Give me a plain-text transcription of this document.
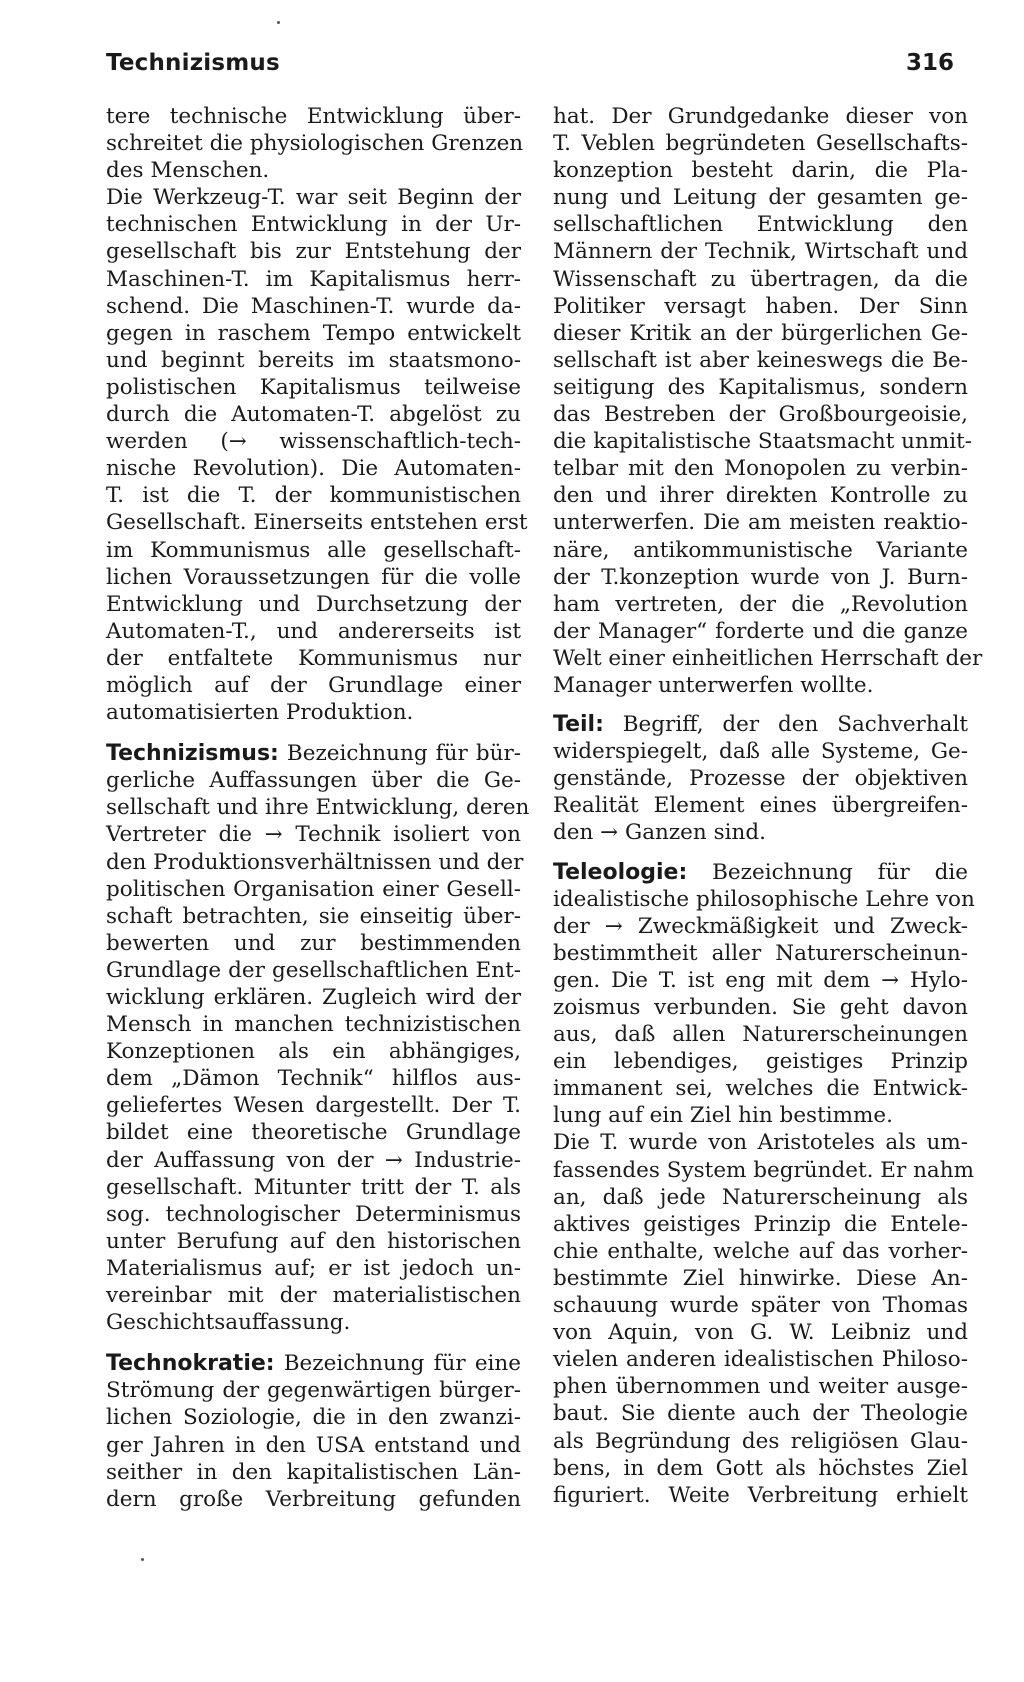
Technizismus	316
tere technische Entwicklung über-
schreitet die physiologischen Grenzen
des Menschen.
Die Werkzeug-T. war seit Beginn der
technischen Entwicklung in der Ur-
gesellschaft bis zur Entstehung der
Maschinen-T. im Kapitalismus herr-
schend. Die Maschinen-T. wurde da-
gegen in raschem Tempo entwickelt
und beginnt bereits im staatsmono-
polistischen Kapitalismus teilweise
durch die Automaten-T. abgelöst zu
werden (→ wissenschaftlich-tech-
nische Revolution). Die Automaten-
T. ist die T. der kommunistischen
Gesellschaft. Einerseits entstehen erst
im Kommunismus alle gesellschaft-
lichen Voraussetzungen für die volle
Entwicklung und Durchsetzung der
Automaten-T., und andererseits ist
der entfaltete Kommunismus nur
möglich auf der Grundlage einer
automatisierten Produktion.
Technizismus: Bezeichnung für bür-
gerliche Auffassungen über die Ge-
sellschaft und ihre Entwicklung, deren
Vertreter die → Technik isoliert von
den Produktionsverhältnissen und der
politischen Organisation einer Gesell-
schaft betrachten, sie einseitig über-
bewerten und zur bestimmenden
Grundlage der gesellschaftlichen Ent-
wicklung erklären. Zugleich wird der
Mensch in manchen technizistischen
Konzeptionen als ein abhängiges,
dem „Dämon Technik“ hilflos aus-
geliefertes Wesen dargestellt. Der T.
bildet eine theoretische Grundlage
der Auffassung von der → Industrie-
gesellschaft. Mitunter tritt der T. als
sog. technologischer Determinismus
unter Berufung auf den historischen
Materialismus auf; er ist jedoch un-
vereinbar mit der materialistischen
Geschichtsauffassung.
Technokratie: Bezeichnung für eine
Strömung der gegenwärtigen bürger-
lichen Soziologie, die in den zwanzi-
ger Jahren in den USA entstand und
seither in den kapitalistischen Län-
dern große Verbreitung gefunden
hat. Der Grundgedanke dieser von
T. Veblen begründeten Gesellschafts-
konzeption besteht darin, die Pla-
nung und Leitung der gesamten ge-
sellschaftlichen Entwicklung den
Männern der Technik, Wirtschaft und
Wissenschaft zu übertragen, da die
Politiker versagt haben. Der Sinn
dieser Kritik an der bürgerlichen Ge-
sellschaft ist aber keineswegs die Be-
seitigung des Kapitalismus, sondern
das Bestreben der Großbourgeoisie,
die kapitalistische Staatsmacht unmit-
telbar mit den Monopolen zu verbin-
den und ihrer direkten Kontrolle zu
unterwerfen. Die am meisten reaktio-
näre, antikommunistische Variante
der T.konzeption wurde von J. Burn-
ham vertreten, der die „Revolution
der Manager“ forderte und die ganze
Welt einer einheitlichen Herrschaft der
Manager unterwerfen wollte.
Teil: Begriff, der den Sachverhalt
widerspiegelt, daß alle Systeme, Ge-
genstände, Prozesse der objektiven
Realität Element eines übergreifen-
den → Ganzen sind.
Teleologie: Bezeichnung für die
idealistische philosophische Lehre von
der → Zweckmäßigkeit und Zweck-
bestimmtheit aller Naturerscheinun-
gen. Die T. ist eng mit dem → Hylo-
zoismus verbunden. Sie geht davon
aus, daß allen Naturerscheinungen
ein lebendiges, geistiges Prinzip
immanent sei, welches die Entwick-
lung auf ein Ziel hin bestimme.
Die T. wurde von Aristoteles als um-
fassendes System begründet. Er nahm
an, daß jede Naturerscheinung als
aktives geistiges Prinzip die Entele-
chie enthalte, welche auf das vorher-
bestimmte Ziel hinwirke. Diese An-
schauung wurde später von Thomas
von Aquin, von G. W. Leibniz und
vielen anderen idealistischen Philoso-
phen übernommen und weiter ausge-
baut. Sie diente auch der Theologie
als Begründung des religiösen Glau-
bens, in dem Gott als höchstes Ziel
figuriert. Weite Verbreitung erhielt
